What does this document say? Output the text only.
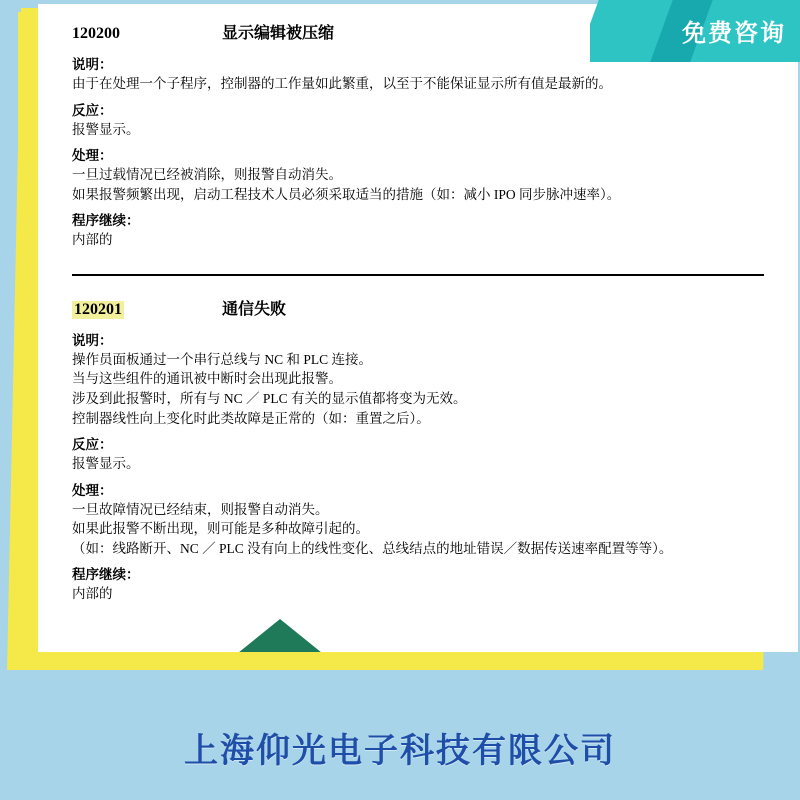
120200	显示编辑被压缩
说明：

由于在处理一个子程序，控制器的工作量如此繁重，以至于不能保证显示所有值是最新的。

反应：

报警显示。

处理：

一旦过载情况已经被消除，则报警自动消失。

如果报警频繁出现，启动工程技术人员必须采取适当的措施（如：减小 IPO 同步脉冲速率）。

程序继续：

内部的

120201	通信失败
说明：

操作员面板通过一个串行总线与 NC 和 PLC 连接。

当与这些组件的通讯被中断时会出现此报警。

涉及到此报警时，所有与 NC ／ PLC 有关的显示值都将变为无效。

控制器线性向上变化时此类故障是正常的（如：重置之后）。

反应：

报警显示。

处理：

一旦故障情况已经结束，则报警自动消失。

如果此报警不断出现，则可能是多种故障引起的。

（如：线路断开、NC ／ PLC 没有向上的线性变化、总线结点的地址错误／数据传送速率配置等等）。

程序继续：

内部的

免费咨询
上海仰光电子科技有限公司
